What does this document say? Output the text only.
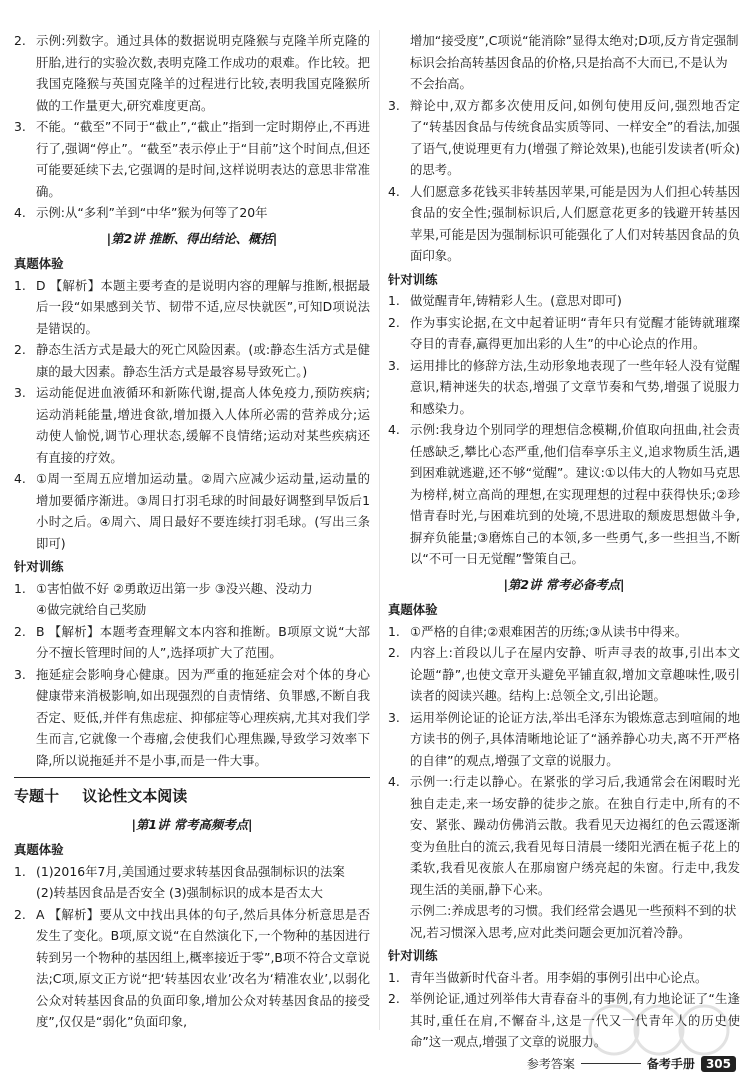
2. 示例:列数字。通过具体的数据说明克隆猴与克隆羊所克隆的肝胎,进行的实验次数,表明克隆工作成功的艰难。作比较。把我国克隆猴与英国克隆羊的过程进行比较,表明我国克隆猴所做的工作量更大,研究难度更高。
3. 不能。“截至”不同于“截止”,“截止”指到一定时期停止,不再进行了,强调“停止”。“截至”表示停止于“目前”这个时间点,但还可能要延续下去,它强调的是时间,这样说明表达的意思非常准确。
4. 示例:从“多利”羊到“中华”猴为何等了20年
|第2讲 推断、得出结论、概括|
真题体验
1. D 【解析】本题主要考查的是说明内容的理解与推断,根据最后一段“如果感到关节、韧带不适,应尽快就医”,可知D项说法是错误的。
2. 静态生活方式是最大的死亡风险因素。(或:静态生活方式是健康的最大因素。静态生活方式是最容易导致死亡。)
3. 运动能促进血液循环和新陈代谢,提高人体免疫力,预防疾病;运动消耗能量,增进食欲,增加摄入人体所必需的营养成分;运动使人愉悦,调节心理状态,缓解不良情绪;运动对某些疾病还有直接的疗效。
4. ①周一至周五应增加运动量。②周六应减少运动量,运动量的增加要循序渐进。③周日打羽毛球的时间最好调整到早饭后1小时之后。④周六、周日最好不要连续打羽毛球。(写出三条即可)
针对训练
1. ①害怕做不好 ②勇敢迈出第一步 ③没兴趣、没动力
④做完就给自己奖励
2. B 【解析】本题考查理解文本内容和推断。B项原文说“大部分不擅长管理时间的人”,选择项扩大了范围。
3. 拖延症会影响身心健康。因为严重的拖延症会对个体的身心健康带来消极影响,如出现强烈的自责情绪、负罪感,不断自我否定、贬低,并伴有焦虑症、抑郁症等心理疾病,尤其对我们学生而言,它就像一个毒瘤,会使我们心理焦躁,导致学习效率下降,所以说拖延并不是小事,而是一件大事。
专题十 议论性文本阅读
|第1讲 常考高频考点|
真题体验
1. (1)2016年7月,美国通过要求转基因食品强制标识的法案
(2)转基因食品是否安全 (3)强制标识的成本是否太大
2. A 【解析】要从文中找出具体的句子,然后具体分析意思是否发生了变化。B项,原文说“在自然演化下,一个物种的基因进行转到另一个物种的基因组上,概率接近于零”,B项不符合文章说法;C项,原文正方说“把‘转基因农业’改名为‘精准农业’,以弱化公众对转基因食品的负面印象,增加公众对转基因食品的接受度”,仅仅是“弱化”负面印象,

增加“接受度”,C项说“能消除”显得太绝对;D项,反方肯定强制标识会抬高转基因食品的价格,只是抬高不大而已,不是认为不会抬高。

3. 辩论中,双方都多次使用反问,如例句使用反问,强烈地否定了“转基因食品与传统食品实质等同、一样安全”的看法,加强了语气,使说理更有力(增强了辩论效果),也能引发读者(听众)的思考。
4. 人们愿意多花钱买非转基因苹果,可能是因为人们担心转基因食品的安全性;强制标识后,人们愿意花更多的钱避开转基因苹果,可能是因为强制标识可能强化了人们对转基因食品的负面印象。
针对训练
1. 做觉醒青年,铸精彩人生。(意思对即可)
2. 作为事实论据,在文中起着证明“青年只有觉醒才能铸就璀璨夺目的青春,赢得更加出彩的人生”的中心论点的作用。
3. 运用排比的修辞方法,生动形象地表现了一些年轻人没有觉醒意识,精神迷失的状态,增强了文章节奏和气势,增强了说服力和感染力。
4. 示例:我身边个别同学的理想信念模糊,价值取向扭曲,社会责任感缺乏,攀比心态严重,他们信奉享乐主义,追求物质生活,遇到困难就逃避,还不够“觉醒”。建议:①以伟大的人物如马克思为榜样,树立高尚的理想,在实现理想的过程中获得快乐;②珍惜青春时光,与困难坑到的处境,不思进取的颓废思想做斗争,摒弃负能量;③磨炼自己的本领,多一些勇气,多一些担当,不断以“不可一日无觉醒”警策自己。
|第2讲 常考必备考点|
真题体验
1. ①严格的自律;②艰难困苦的历练;③从读书中得来。
2. 内容上:首段以儿子在屋内安静、听声寻表的故事,引出本文论题“静”,也使文章开头避免平铺直叙,增加文章趣味性,吸引读者的阅读兴趣。结构上:总领全文,引出论题。
3. 运用举例论证的论证方法,举出毛泽东为锻炼意志到喧闹的地方读书的例子,具体清晰地论证了“涵养静心功夫,离不开严格的自律”的观点,增强了文章的说服力。
4. 示例一:行走以静心。在紧张的学习后,我通常会在闲暇时光独自走走,来一场安静的徒步之旅。在独自行走中,所有的不安、紧张、躁动仿佛消云散。我看见天边褐红的色云霞逐渐变为鱼肚白的流云,我看见每日清晨一缕阳光洒在栀子花上的柔软,我看见夜旅人在那扇窗户绣亮起的朱窗。行走中,我发现生活的美丽,静下心来。

示例二:养成思考的习惯。我们经常会遇见一些预料不到的状况,若习惯深入思考,应对此类问题会更加沉着冷静。

针对训练
1. 青年当做新时代奋斗者。用李娟的事例引出中心论点。
2. 举例论证,通过列举伟大青春奋斗的事例,有力地论证了“生逢其时,重任在肩,不懈奋斗,这是一代又一代青年人的历史使命”这一观点,增强了文章的说服力。
参考答案	备考手册 305
